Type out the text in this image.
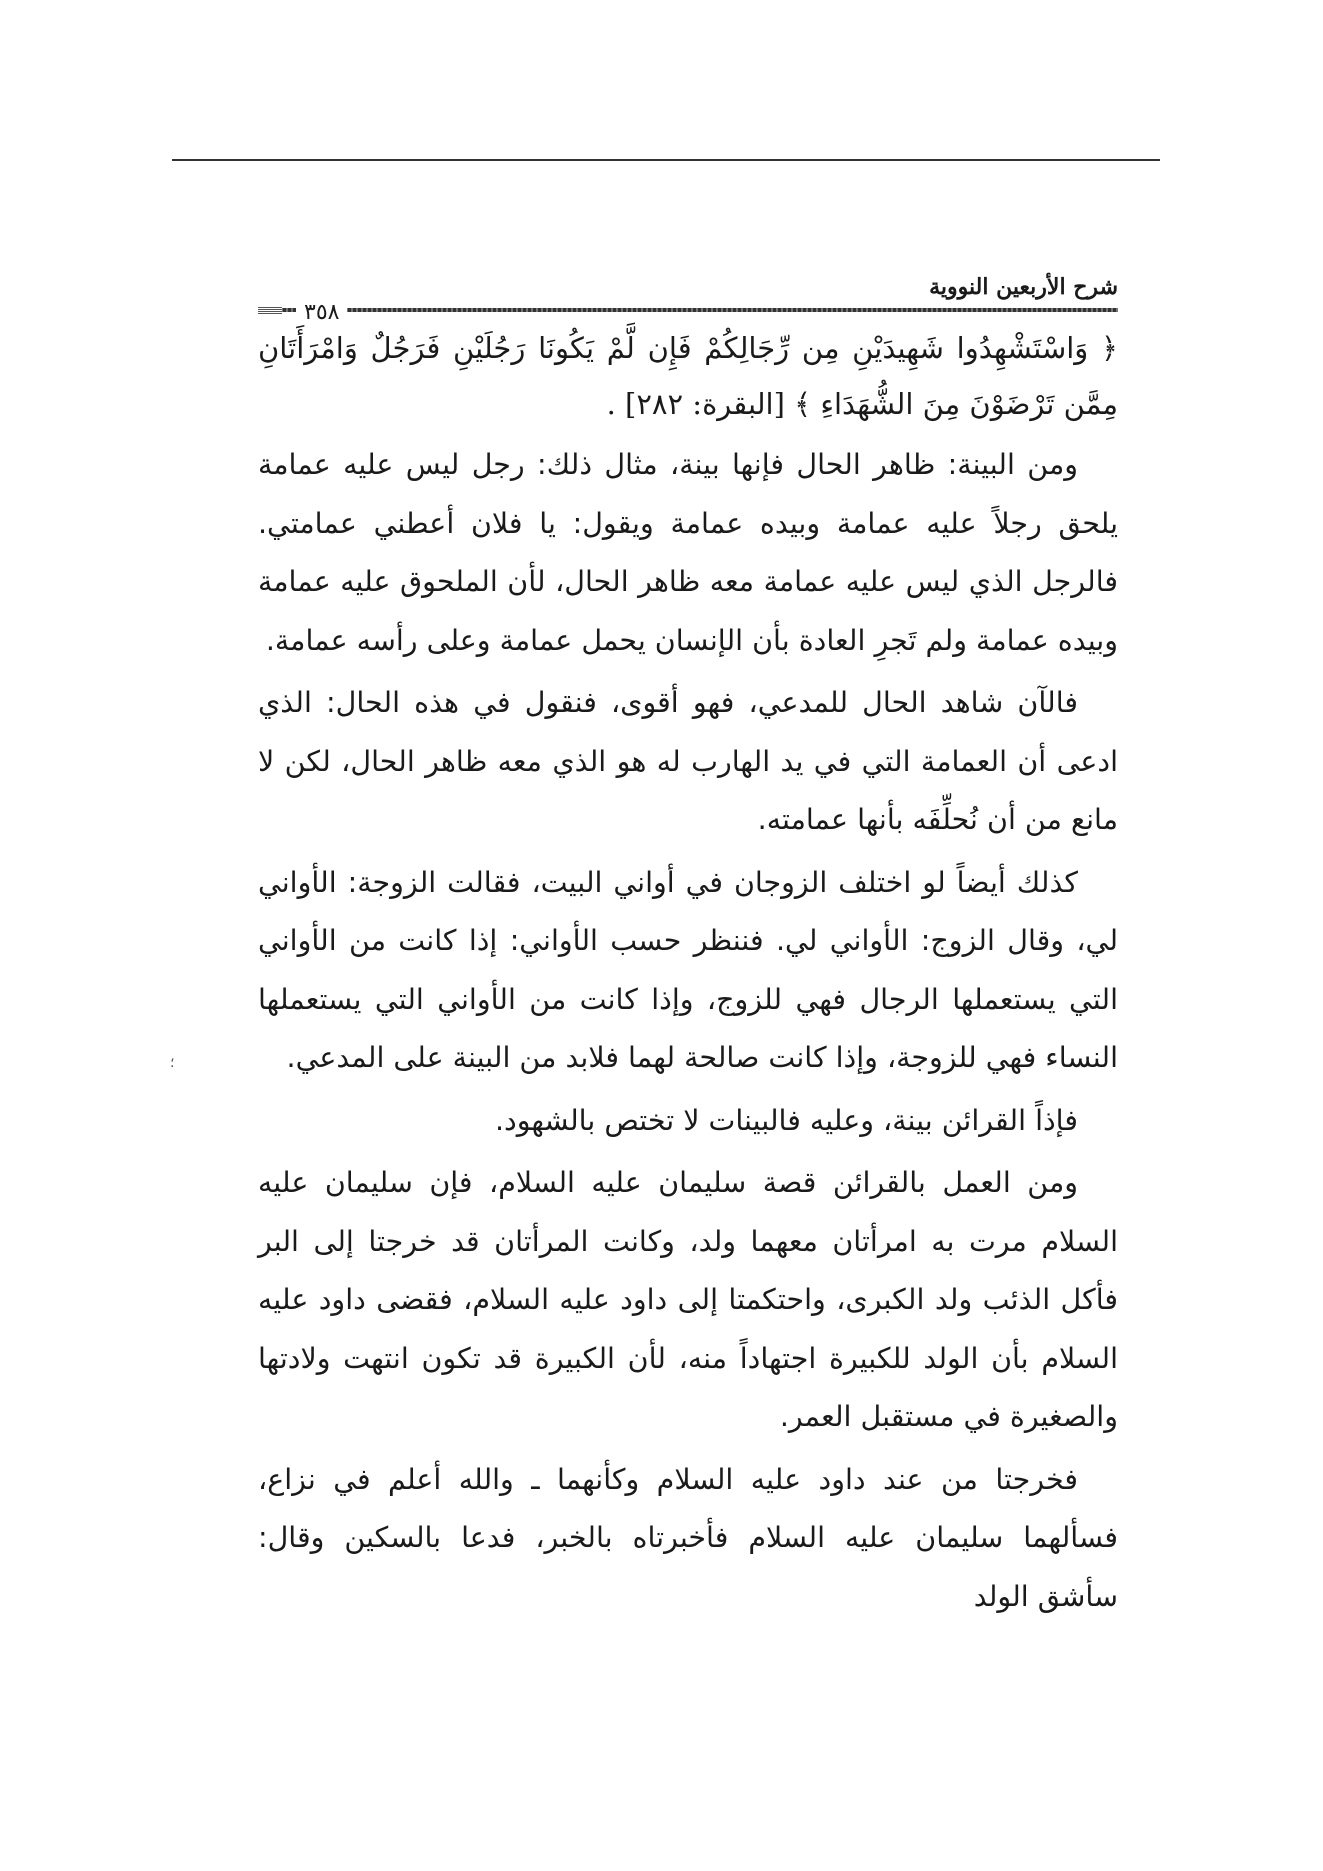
؛
شرح الأربعين النووية
٣٥٨
﴿ وَاسْتَشْهِدُوا شَهِيدَيْنِ مِن رِّجَالِكُمْ فَإِن لَّمْ يَكُونَا رَجُلَيْنِ فَرَجُلٌ وَامْرَأَتَانِ مِمَّن تَرْضَوْنَ مِنَ الشُّهَدَاءِ ﴾ [البقرة: ٢٨٢] .

ومن البينة: ظاهر الحال فإنها بينة، مثال ذلك: رجل ليس عليه عمامة يلحق رجلاً عليه عمامة وبيده عمامة ويقول: يا فلان أعطني عمامتي. فالرجل الذي ليس عليه عمامة معه ظاهر الحال، لأن الملحوق عليه عمامة وبيده عمامة ولم تَجرِ العادة بأن الإنسان يحمل عمامة وعلى رأسه عمامة.

فالآن شاهد الحال للمدعي، فهو أقوى، فنقول في هذه الحال: الذي ادعى أن العمامة التي في يد الهارب له هو الذي معه ظاهر الحال، لكن لا مانع من أن نُحلِّفَه بأنها عمامته.

كذلك أيضاً لو اختلف الزوجان في أواني البيت، فقالت الزوجة: الأواني لي، وقال الزوج: الأواني لي. فننظر حسب الأواني: إذا كانت من الأواني التي يستعملها الرجال فهي للزوج، وإذا كانت من الأواني التي يستعملها النساء فهي للزوجة، وإذا كانت صالحة لهما فلابد من البينة على المدعي.

فإذاً القرائن بينة، وعليه فالبينات لا تختص بالشهود.

ومن العمل بالقرائن قصة سليمان عليه السلام، فإن سليمان عليه السلام مرت به امرأتان معهما ولد، وكانت المرأتان قد خرجتا إلى البر فأكل الذئب ولد الكبرى، واحتكمتا إلى داود عليه السلام، فقضى داود عليه السلام بأن الولد للكبيرة اجتهاداً منه، لأن الكبيرة قد تكون انتهت ولادتها والصغيرة في مستقبل العمر.

فخرجتا من عند داود عليه السلام وكأنهما ـ والله أعلم في نزاع، فسألهما سليمان عليه السلام فأخبرتاه بالخبر، فدعا بالسكين وقال: سأشق الولد
